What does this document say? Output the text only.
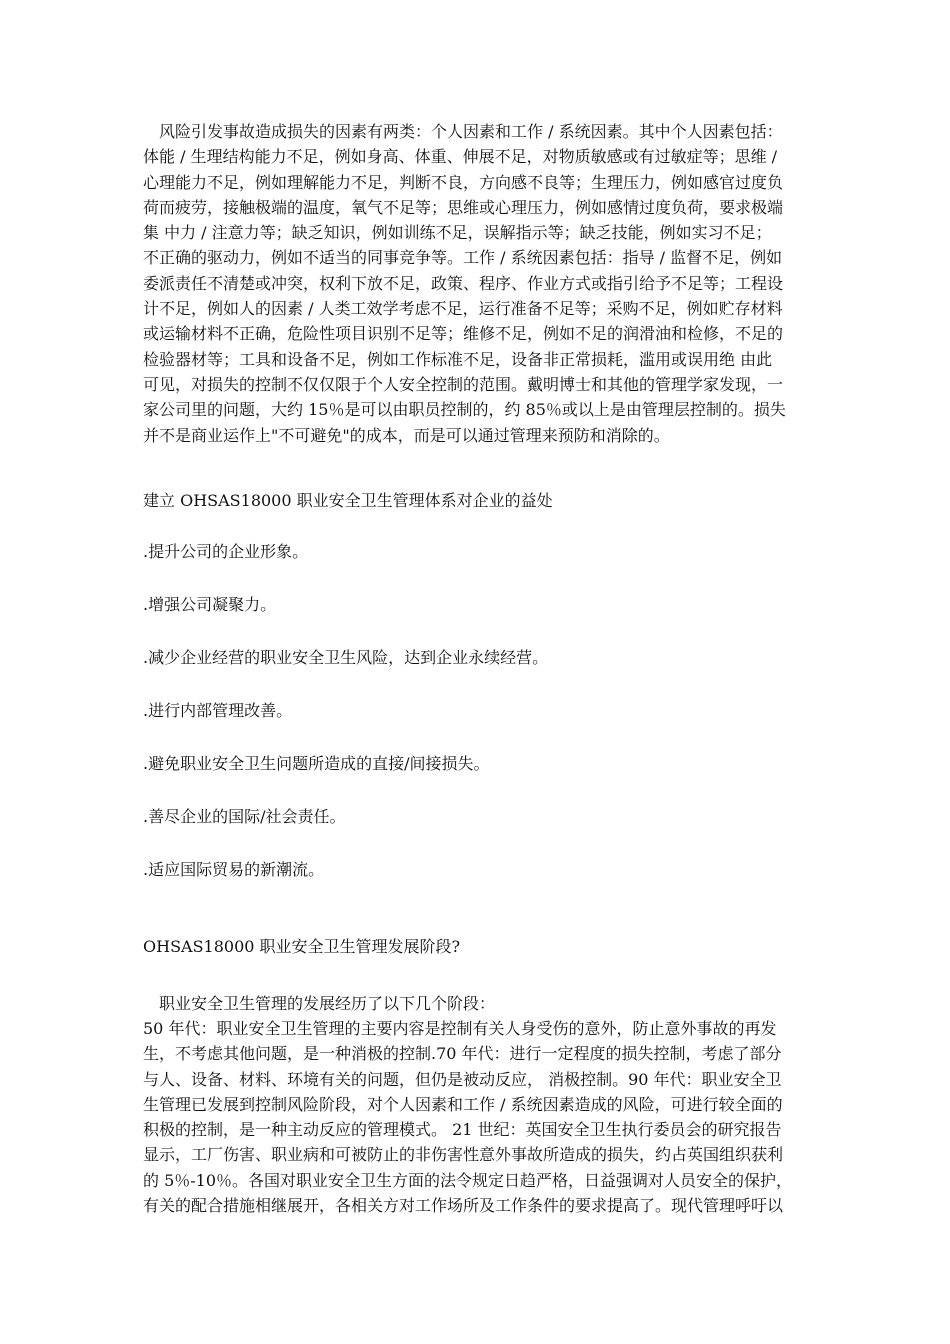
风险引发事故造成损失的因素有两类：个人因素和工作 / 系统因素。其中个人因素包括：
体能 / 生理结构能力不足，例如身高、体重、伸展不足，对物质敏感或有过敏症等；思维 /
心理能力不足，例如理解能力不足，判断不良，方向感不良等；生理压力，例如感官过度负
荷而疲劳，接触极端的温度，氧气不足等；思维或心理压力，例如感情过度负荷，要求极端
集 中力 / 注意力等；缺乏知识，例如训练不足，误解指示等；缺乏技能，例如实习不足；
不正确的驱动力，例如不适当的同事竞争等。工作 / 系统因素包括：指导 / 监督不足，例如
委派责任不清楚或冲突，权利下放不足，政策、程序、作业方式或指引给予不足等；工程设
计不足，例如人的因素 / 人类工效学考虑不足，运行准备不足等；采购不足，例如贮存材料
或运输材料不正确，危险性项目识别不足等；维修不足，例如不足的润滑油和检修，不足的
检验器材等；工具和设备不足，例如工作标准不足，设备非正常损耗，滥用或误用绝 由此
可见，对损失的控制不仅仅限于个人安全控制的范围。戴明博士和其他的管理学家发现，一
家公司里的问题，大约 15％是可以由职员控制的，约 85％或以上是由管理层控制的。损失
并不是商业运作上"不可避免"的成本，而是可以通过管理来预防和消除的。

建立 OHSAS18000 职业安全卫生管理体系对企业的益处

.提升公司的企业形象。

.增强公司凝聚力。

.减少企业经营的职业安全卫生风险，达到企业永续经营。

.进行内部管理改善。

.避免职业安全卫生问题所造成的直接/间接损失。

.善尽企业的国际/社会责任。

.适应国际贸易的新潮流。

OHSAS18000 职业安全卫生管理发展阶段?

职业安全卫生管理的发展经历了以下几个阶段：

50 年代：职业安全卫生管理的主要内容是控制有关人身受伤的意外，防止意外事故的再发
生，不考虑其他问题，是一种消极的控制.70 年代：进行一定程度的损失控制，考虑了部分
与人、设备、材料、环境有关的问题，但仍是被动反应， 消极控制。90 年代：职业安全卫
生管理已发展到控制风险阶段，对个人因素和工作 / 系统因素造成的风险，可进行较全面的
积极的控制，是一种主动反应的管理模式。 21 世纪：英国安全卫生执行委员会的研究报告
显示，工厂伤害、职业病和可被防止的非伤害性意外事故所造成的损失，约占英国组织获利
的 5％-10％。各国对职业安全卫生方面的法令规定日趋严格，日益强调对人员安全的保护，
有关的配合措施相继展开，各相关方对工作场所及工作条件的要求提高了。现代管理呼吁以
